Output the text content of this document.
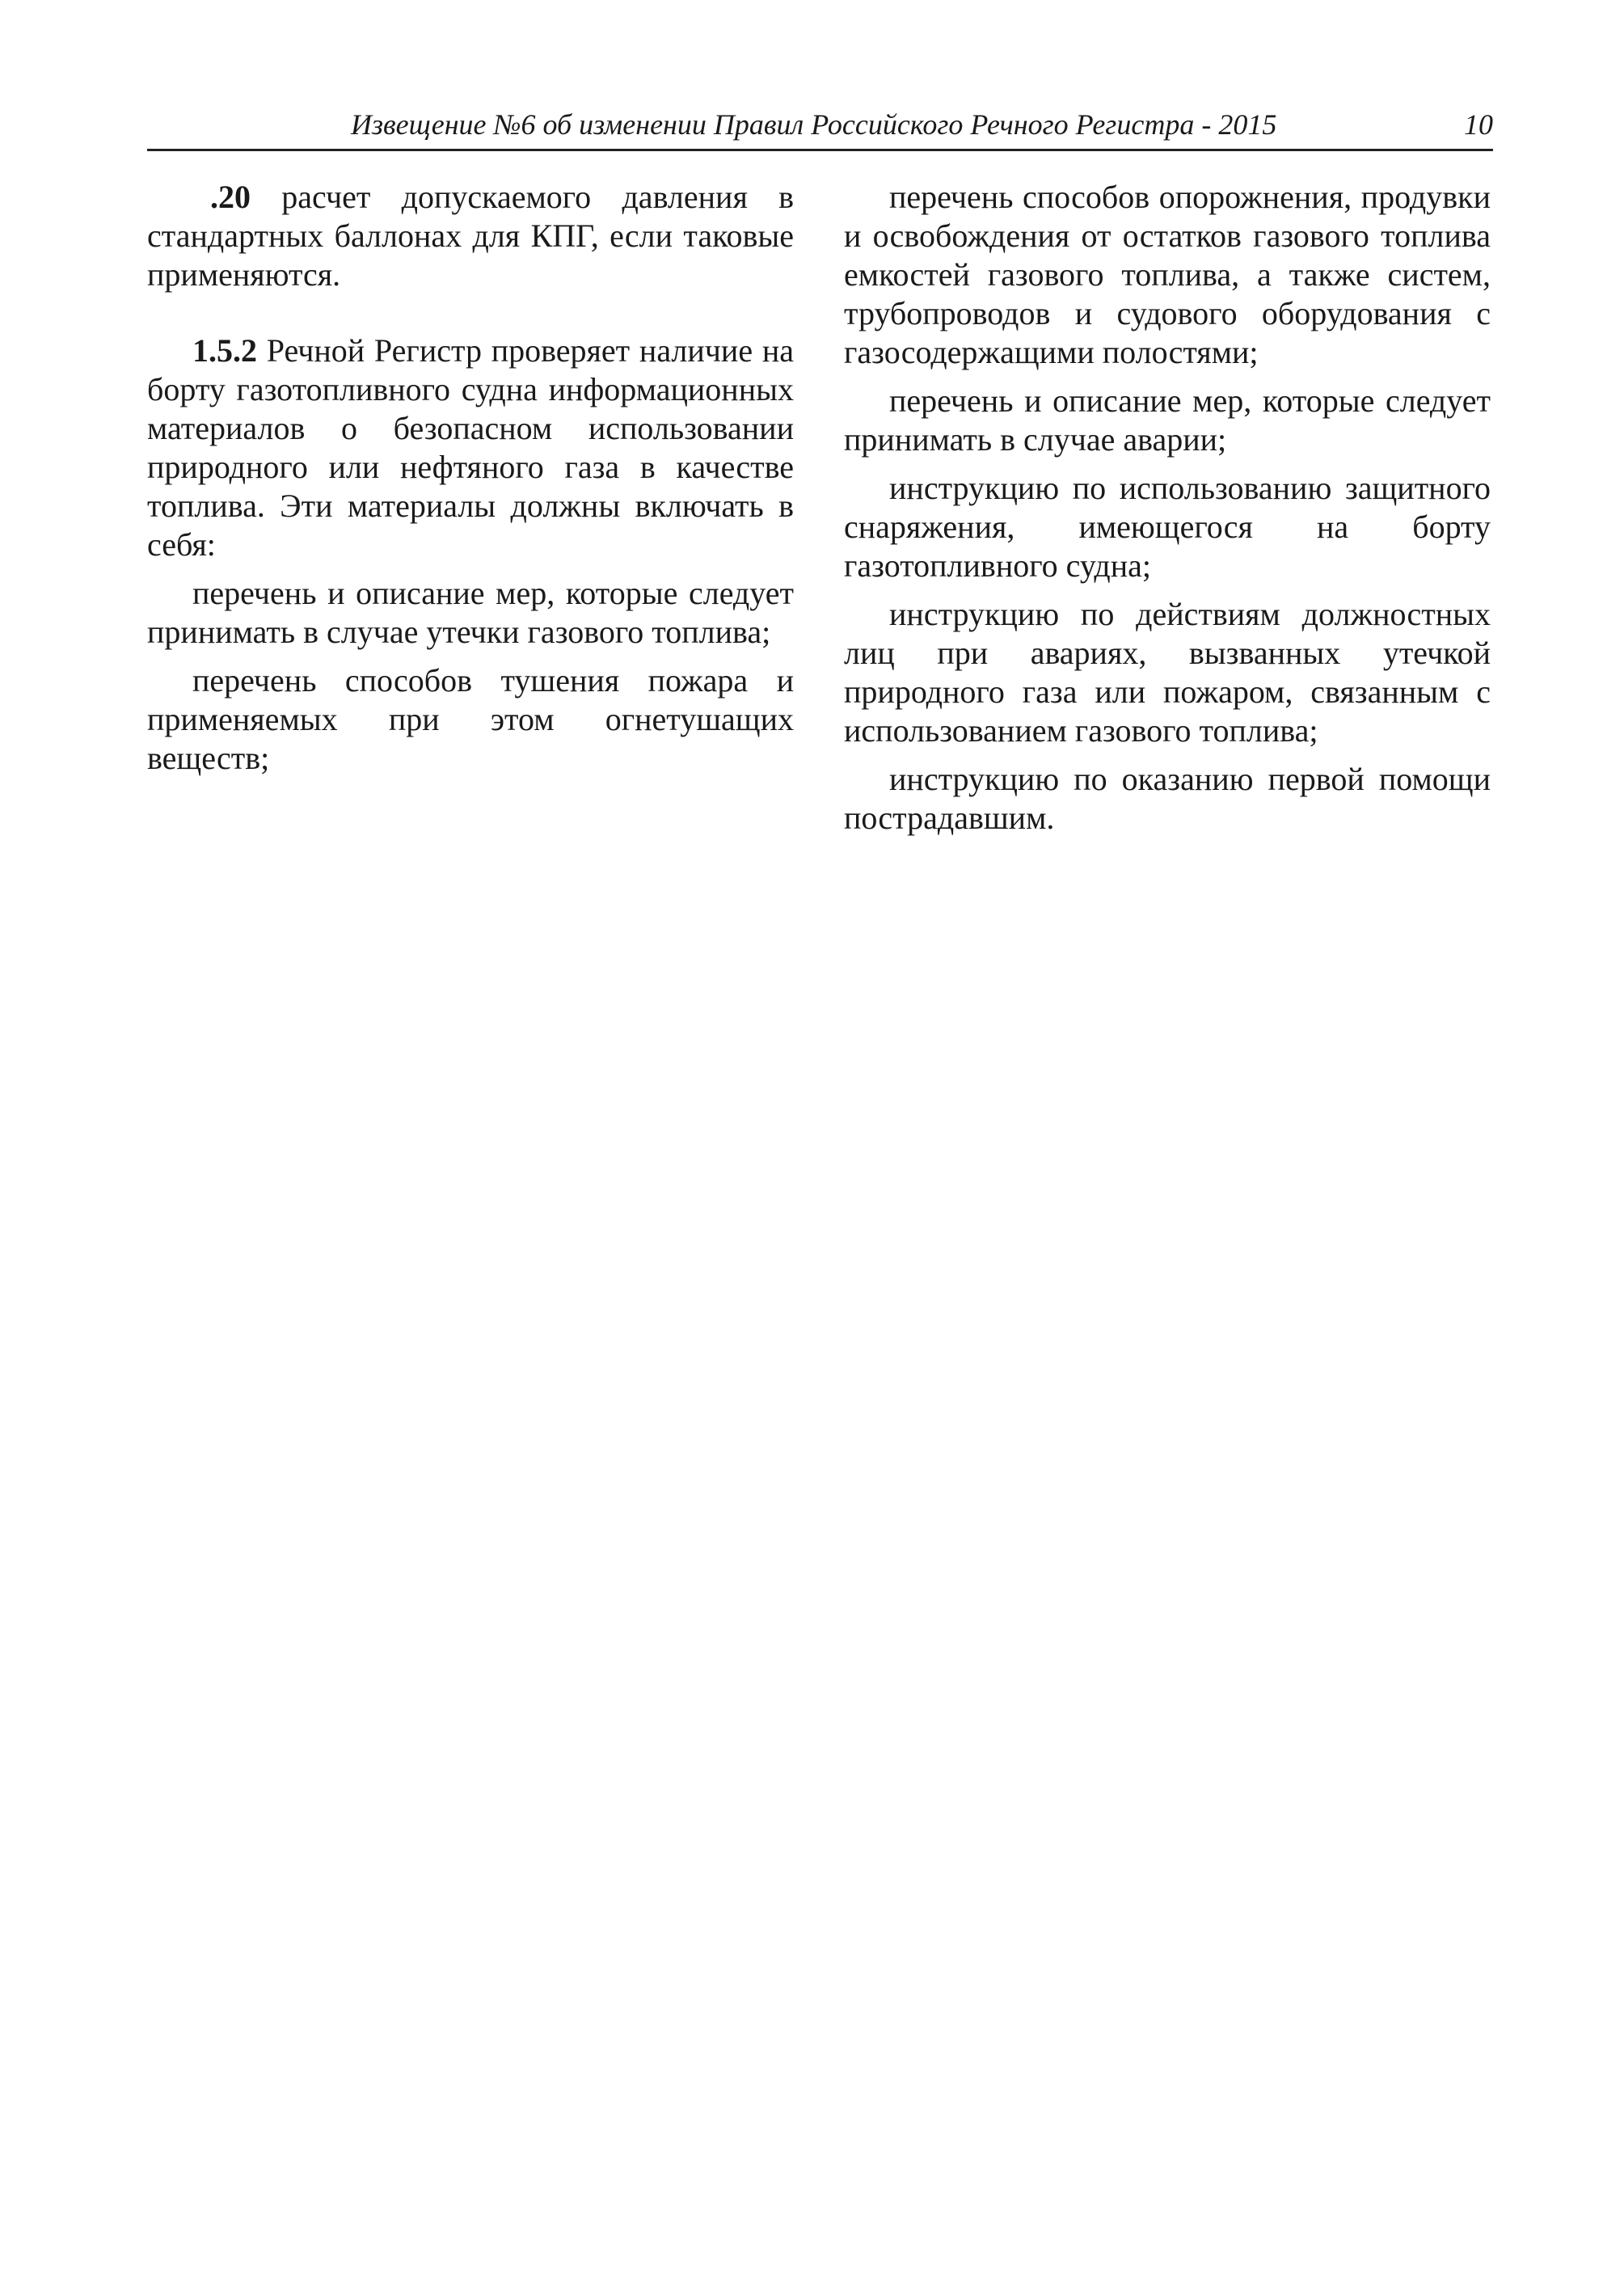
Извещение №6 об изменении Правил Российского Речного Регистра - 2015	10

.20 расчет допускаемого давления в стандартных баллонах для КПГ, если таковые применяются.

1.5.2 Речной Регистр проверяет наличие на борту газотопливного судна информационных материалов о безопасном использовании природного или нефтяного газа в качестве топлива. Эти материалы должны включать в себя:

перечень и описание мер, которые следует принимать в случае утечки газового топлива;

перечень способов тушения пожара и применяемых при этом огнетушащих веществ;

перечень способов опорожнения, продувки и освобождения от остатков газового топлива емкостей газового топлива, а также систем, трубопроводов и судового оборудования с газосодержащими полостями;

перечень и описание мер, которые следует принимать в случае аварии;

инструкцию по использованию защитного снаряжения, имеющегося на борту газотопливного судна;

инструкцию по действиям должностных лиц при авариях, вызванных утечкой природного газа или пожаром, связанным с использованием газового топлива;

инструкцию по оказанию первой помощи пострадавшим.
